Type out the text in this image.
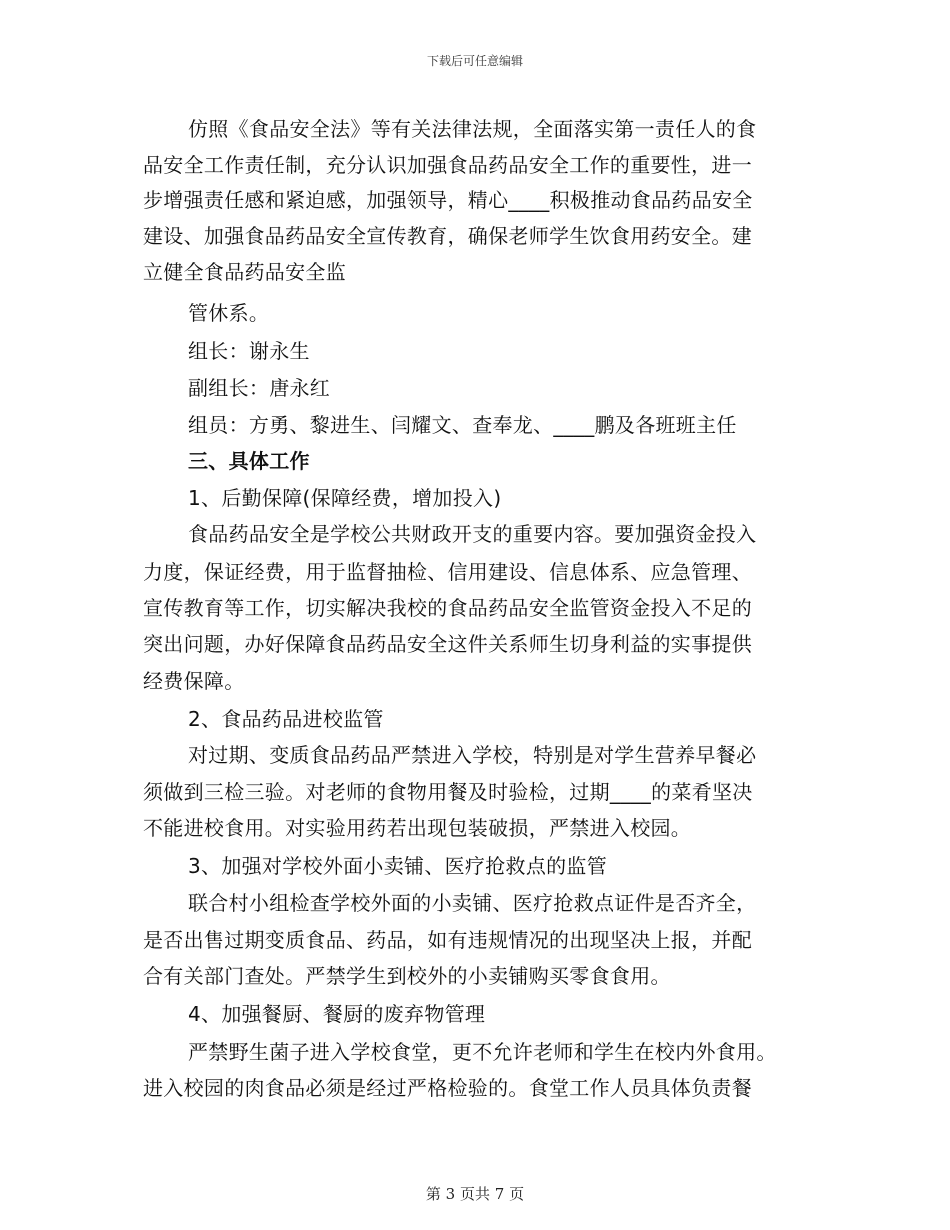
下载后可任意编辑
仿照《食品安全法》等有关法律法规，全面落实第一责任人的食
品安全工作责任制，充分认识加强食品药品安全工作的重要性，进一
步增强责任感和紧迫感，加强领导，精心____积极推动食品药品安全
建设、加强食品药品安全宣传教育，确保老师学生饮食用药安全。建
立健全食品药品安全监
管休系。
组长：谢永生
副组长：唐永红
组员：方勇、黎进生、闫耀文、查奉龙、____鹏及各班班主任
三、具体工作
1、后勤保障(保障经费，增加投入)
食品药品安全是学校公共财政开支的重要内容。要加强资金投入
力度，保证经费，用于监督抽检、信用建设、信息体系、应急管理、
宣传教育等工作，切实解决我校的食品药品安全监管资金投入不足的
突出问题，办好保障食品药品安全这件关系师生切身利益的实事提供
经费保障。
2、食品药品进校监管
对过期、变质食品药品严禁进入学校，特别是对学生营养早餐必
须做到三检三验。对老师的食物用餐及时验检，过期____的菜肴坚决
不能进校食用。对实验用药若出现包装破损，严禁进入校园。
3、加强对学校外面小卖铺、医疗抢救点的监管
联合村小组检查学校外面的小卖铺、医疗抢救点证件是否齐全，
是否出售过期变质食品、药品，如有违规情况的出现坚决上报，并配
合有关部门查处。严禁学生到校外的小卖铺购买零食食用。
4、加强餐厨、餐厨的废弃物管理
严禁野生菌子进入学校食堂，更不允许老师和学生在校内外食用。
进入校园的肉食品必须是经过严格检验的。食堂工作人员具体负责餐
第 3 页共 7 页
